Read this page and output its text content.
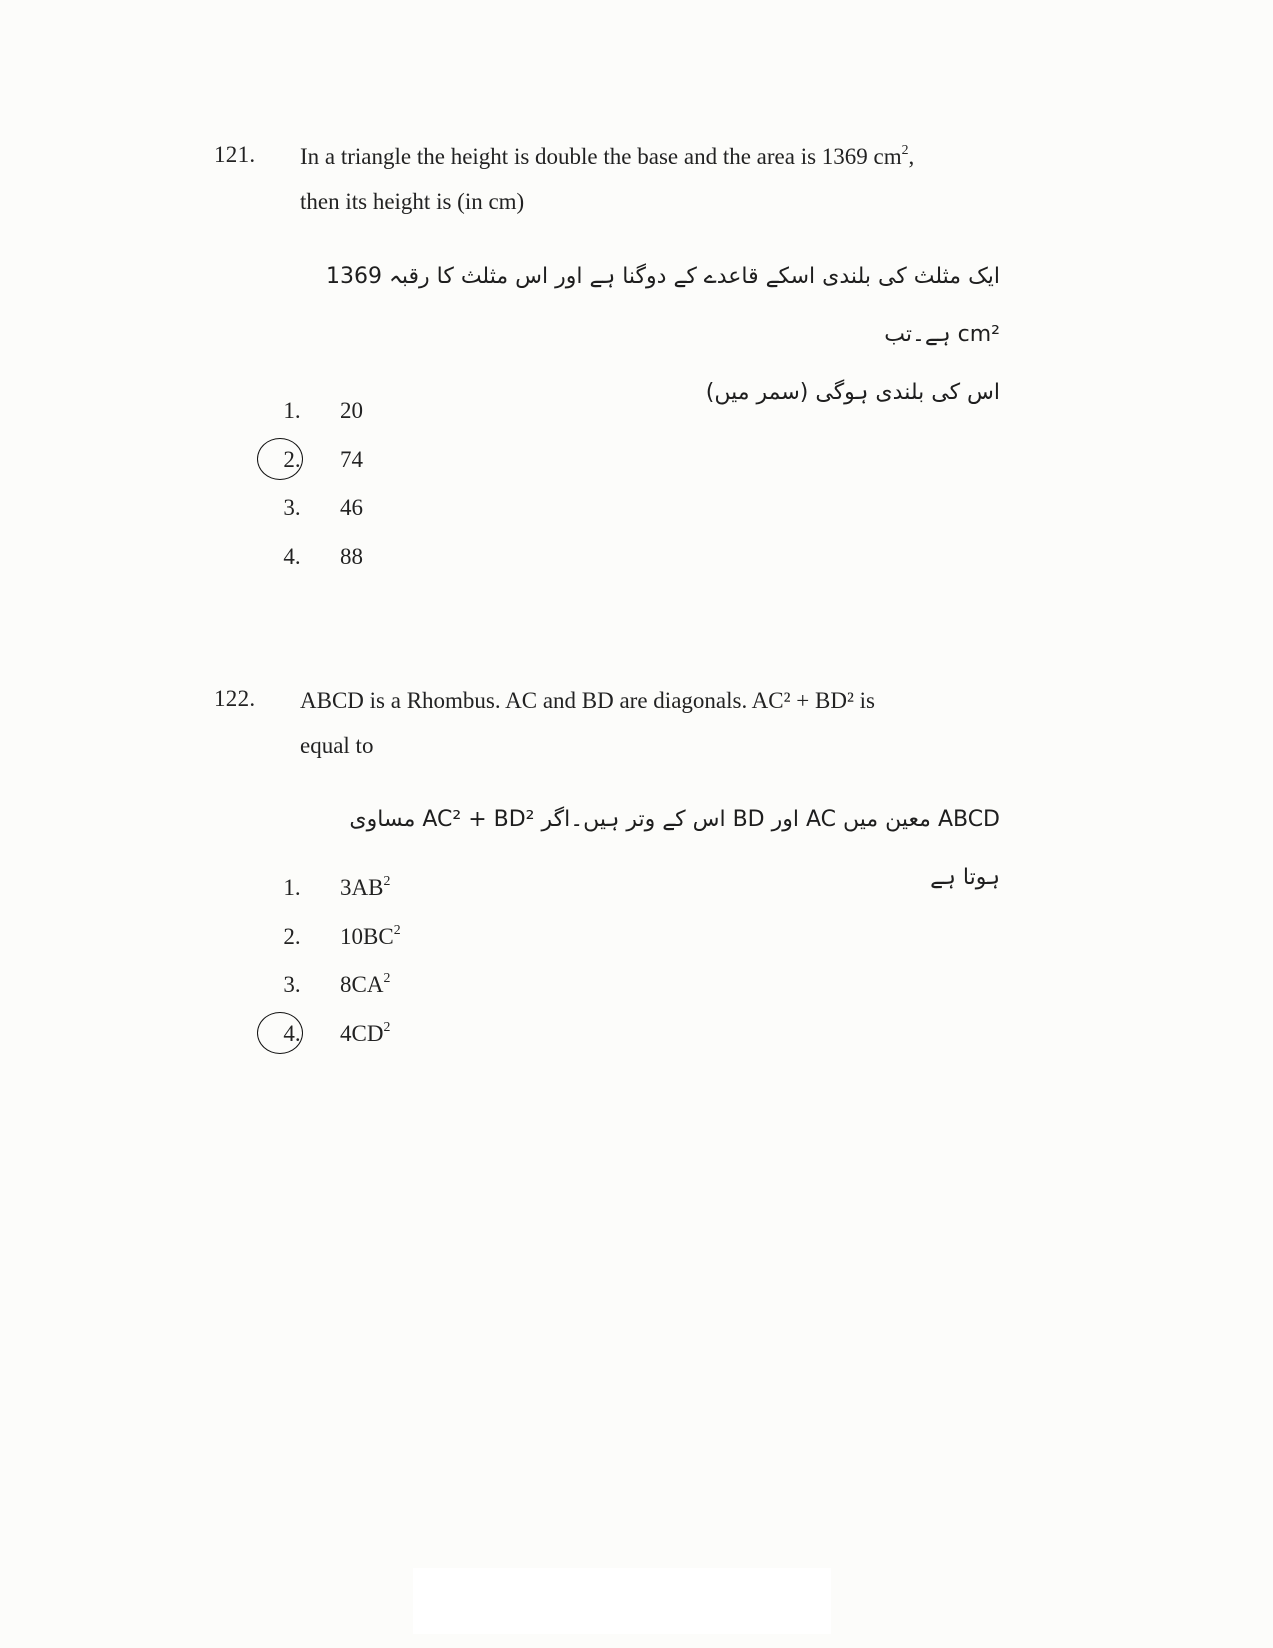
121. In a triangle the height is double the base and the area is 1369 $cm^2$,
then its height is (in cm)
ایک مثلث کی بلندی اسکے قاعدے کے دوگنا ہے اور اس مثلث کا رقبہ 1369 cm² ہے۔تب
اس کی بلندی ہوگی (سمر میں)
1.	20
2.	74
3.	46
4.	88
122. ABCD is a Rhombus. AC and BD are diagonals. AC² + BD² is
equal to
ABCD معین میں AC اور BD اس کے وتر ہیں۔اگر AC² + BD² مساوی ہوتا ہے
1.	$3AB^2$
2.	$10BC^2$
3.	$8CA^2$
4.	$4CD^2$
